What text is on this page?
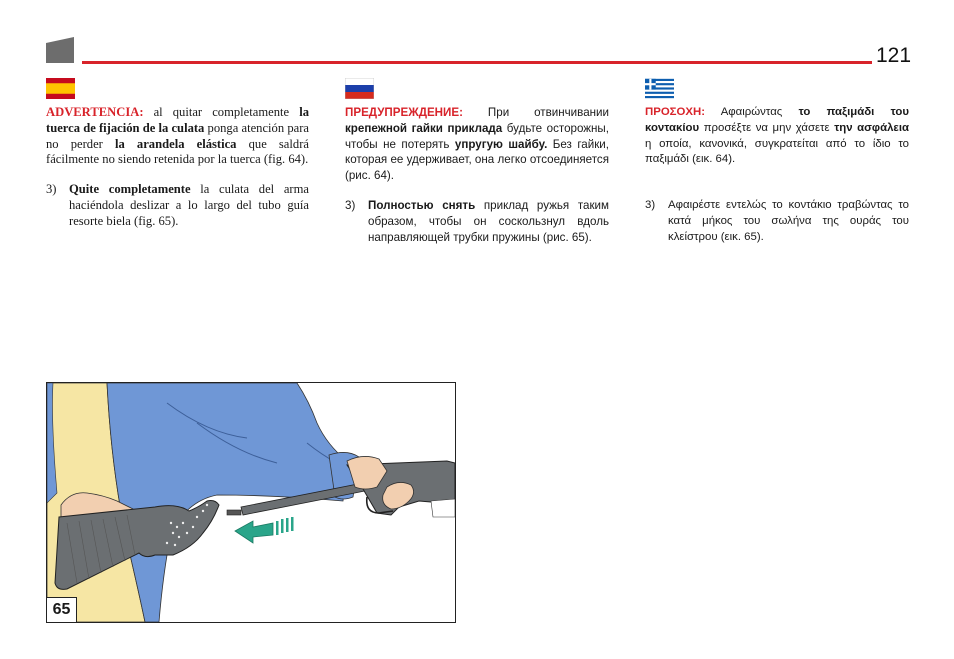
121
ADVERTENCIA: al quitar completamente la tuerca de fijación de la culata ponga atención para no perder la arandela elástica que saldrá fácilmente no siendo retenida por la tuerca (fig. 64).
3) Quite completamente la culata del arma haciéndola deslizar a lo largo del tubo guía resorte biela (fig. 65).
ПРЕДУПРЕЖДЕНИЕ: При отвинчивании крепежной гайки приклада будьте осторожны, чтобы не потерять упругую шайбу. Без гайки, которая ее удерживает, она легко отсоединяется (рис. 64).
3) Полностью снять приклад ружья таким образом, чтобы он соскользнул вдоль направляющей трубки пружины (рис. 65).
ΠΡΟΣΟΧΗ: Αφαιρώντας το παξιμάδι του κοντακίου προσέξτε να μην χάσετε την ασφάλεια η οποία, κανονικά, συγκρατείται από το ίδιο το παξιμάδι (εικ. 64).
3) Αφαιρέστε εντελώς το κοντάκιο τραβώντας το κατά μήκος του σωλήνα της ουράς του κλείστρου (εικ. 65).
65
